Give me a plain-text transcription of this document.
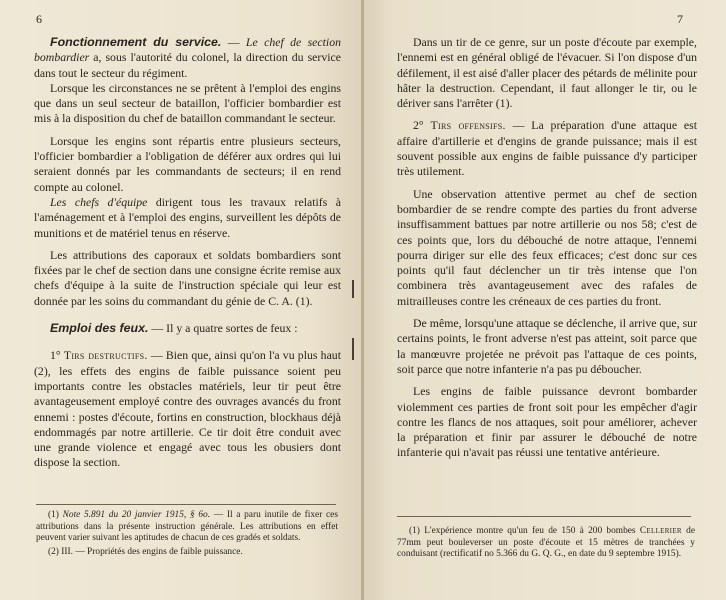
6

Fonctionnement du service. — Le chef de section bombardier a, sous l'autorité du colonel, la direction du service dans tout le secteur du régiment.

Lorsque les circonstances ne se prêtent à l'emploi des engins que dans un seul secteur de bataillon, l'officier bombardier est mis à la disposition du chef de bataillon commandant le secteur.

Lorsque les engins sont répartis entre plusieurs secteurs, l'officier bombardier a l'obligation de déférer aux ordres qui lui seraient donnés par les commandants de secteurs; il en rend compte au colonel.

Les chefs d'équipe dirigent tous les travaux relatifs à l'aménagement et à l'emploi des engins, surveillent les dépôts de munitions et de matériel tenus en réserve.

Les attributions des caporaux et soldats bombardiers sont fixées par le chef de section dans une consigne écrite remise aux chefs d'équipe à la suite de l'instruction spéciale qui leur est donnée par les soins du commandant du génie de C. A. (1).

Emploi des feux. — Il y a quatre sortes de feux :

1° Tirs destructifs. — Bien que, ainsi qu'on l'a vu plus haut (2), les effets des engins de faible puissance soient peu importants contre les obstacles matériels, leur tir peut être avantageusement employé contre des ouvrages avancés du front ennemi : postes d'écoute, fortins en construction, blockhaus déjà endommagés par notre artillerie. Ce tir doit être conduit avec une grande violence et engagé avec tous les obusiers dont dispose la section.

(1) Note 5.891 du 20 janvier 1915, § 6o. — Il a paru inutile de fixer ces attributions dans la présente instruction générale. Les attributions en effet peuvent varier suivant les aptitudes de chacun de ces gradés et soldats.

(2) III. — Propriétés des engins de faible puissance.

7

Dans un tir de ce genre, sur un poste d'écoute par exemple, l'ennemi est en général obligé de l'évacuer. Si l'on dispose d'un défilement, il est aisé d'aller placer des pétards de mélinite pour hâter la destruction. Cependant, il faut allonger le tir, ou le dériver sans l'arrêter (1).

2° Tirs offensifs. — La préparation d'une attaque est affaire d'artillerie et d'engins de grande puissance; mais il est souvent possible aux engins de faible puissance d'y participer très utilement.

Une observation attentive permet au chef de section bombardier de se rendre compte des parties du front adverse insuffisamment battues par notre artillerie ou nos 58; c'est de ces points que, lors du débouché de notre attaque, l'ennemi pourra diriger sur elle des feux efficaces; c'est donc sur ces points qu'il faut déclencher un tir très intense que l'on combinera très avantageusement avec des rafales de mitrailleuses contre les créneaux de ces parties du front.

De même, lorsqu'une attaque se déclenche, il arrive que, sur certains points, le front adverse n'est pas atteint, soit parce que la manœuvre projetée ne prévoit pas l'attaque de ces points, soit parce que notre infanterie n'a pas pu déboucher.

Les engins de faible puissance devront bombarder violemment ces parties de front soit pour les empêcher d'agir contre les flancs de nos attaques, soit pour améliorer, achever la préparation et finir par assurer le débouché de notre infanterie qui n'avait pas réussi une tentative antérieure.

(1) L'expérience montre qu'un feu de 150 à 200 bombes Cellerier de 77mm peut bouleverser un poste d'écoute et 15 mètres de tranchées y conduisant (rectificatif no 5.366 du G. Q. G., en date du 9 septembre 1915).
